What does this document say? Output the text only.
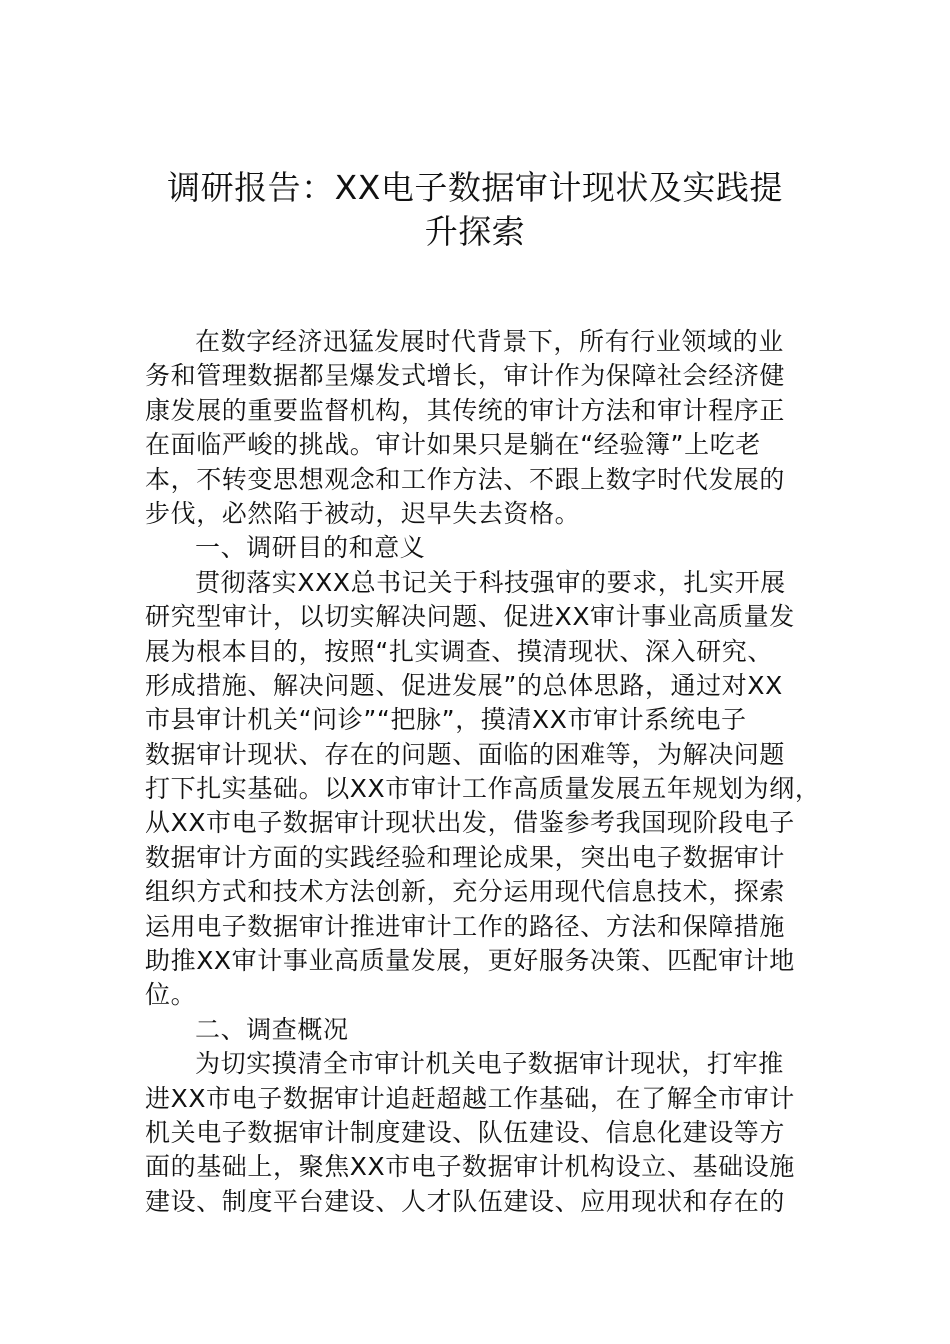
调研报告：XX电子数据审计现状及实践提
升探索
在数字经济迅猛发展时代背景下，所有行业领域的业
务和管理数据都呈爆发式增长，审计作为保障社会经济健
康发展的重要监督机构，其传统的审计方法和审计程序正
在面临严峻的挑战。审计如果只是躺在“经验簿”上吃老
本，不转变思想观念和工作方法、不跟上数字时代发展的
步伐，必然陷于被动，迟早失去资格。
一、调研目的和意义
贯彻落实XXX总书记关于科技强审的要求，扎实开展
研究型审计，以切实解决问题、促进XX审计事业高质量发
展为根本目的，按照“扎实调查、摸清现状、深入研究、
形成措施、解决问题、促进发展”的总体思路，通过对XX
市县审计机关“问诊”“把脉”，摸清XX市审计系统电子
数据审计现状、存在的问题、面临的困难等，为解决问题
打下扎实基础。以XX市审计工作高质量发展五年规划为纲，
从XX市电子数据审计现状出发，借鉴参考我国现阶段电子
数据审计方面的实践经验和理论成果，突出电子数据审计
组织方式和技术方法创新，充分运用现代信息技术，探索
运用电子数据审计推进审计工作的路径、方法和保障措施
助推XX审计事业高质量发展，更好服务决策、匹配审计地
位。
二、调查概况
为切实摸清全市审计机关电子数据审计现状，打牢推
进XX市电子数据审计追赶超越工作基础，在了解全市审计
机关电子数据审计制度建设、队伍建设、信息化建设等方
面的基础上，聚焦XX市电子数据审计机构设立、基础设施
建设、制度平台建设、人才队伍建设、应用现状和存在的
